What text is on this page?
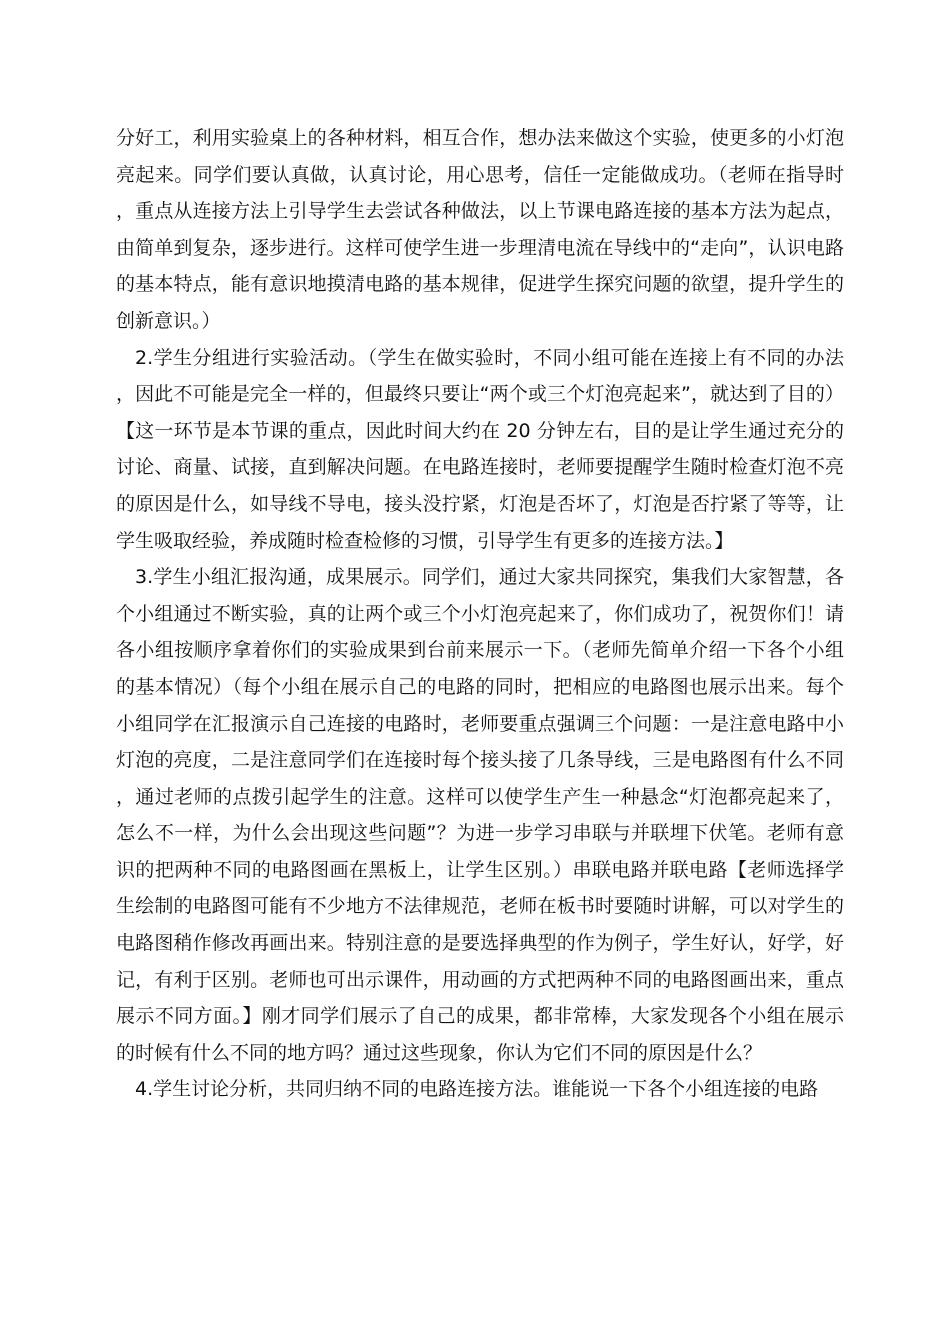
分好工，利用实验桌上的各种材料，相互合作，想办法来做这个实验，使更多的小灯泡亮起来。同学们要认真做，认真讨论，用心思考，信任一定能做成功。（老师在指导时，重点从连接方法上引导学生去尝试各种做法，以上节课电路连接的基本方法为起点，由简单到复杂，逐步进行。这样可使学生进一步理清电流在导线中的“走向”，认识电路的基本特点，能有意识地摸清电路的基本规律，促进学生探究问题的欲望，提升学生的创新意识。）

2.学生分组进行实验活动。（学生在做实验时，不同小组可能在连接上有不同的办法，因此不可能是完全一样的，但最终只要让“两个或三个灯泡亮起来”，就达到了目的）【这一环节是本节课的重点，因此时间大约在 20 分钟左右，目的是让学生通过充分的讨论、商量、试接，直到解决问题。在电路连接时，老师要提醒学生随时检查灯泡不亮的原因是什么，如导线不导电，接头没拧紧，灯泡是否坏了，灯泡是否拧紧了等等，让学生吸取经验，养成随时检查检修的习惯，引导学生有更多的连接方法。】

3.学生小组汇报沟通，成果展示。同学们，通过大家共同探究，集我们大家智慧，各个小组通过不断实验，真的让两个或三个小灯泡亮起来了，你们成功了，祝贺你们！请各小组按顺序拿着你们的实验成果到台前来展示一下。（老师先简单介绍一下各个小组的基本情况）（每个小组在展示自己的电路的同时，把相应的电路图也展示出来。每个小组同学在汇报演示自己连接的电路时，老师要重点强调三个问题：一是注意电路中小灯泡的亮度，二是注意同学们在连接时每个接头接了几条导线，三是电路图有什么不同，通过老师的点拨引起学生的注意。这样可以使学生产生一种悬念“灯泡都亮起来了，怎么不一样，为什么会出现这些问题”？为进一步学习串联与并联埋下伏笔。老师有意识的把两种不同的电路图画在黑板上，让学生区别。）串联电路并联电路【老师选择学生绘制的电路图可能有不少地方不法律规范，老师在板书时要随时讲解，可以对学生的电路图稍作修改再画出来。特别注意的是要选择典型的作为例子，学生好认，好学，好记，有利于区别。老师也可出示课件，用动画的方式把两种不同的电路图画出来，重点展示不同方面。】刚才同学们展示了自己的成果，都非常棒，大家发现各个小组在展示的时候有什么不同的地方吗？通过这些现象，你认为它们不同的原因是什么？

4.学生讨论分析，共同归纳不同的电路连接方法。谁能说一下各个小组连接的电路
